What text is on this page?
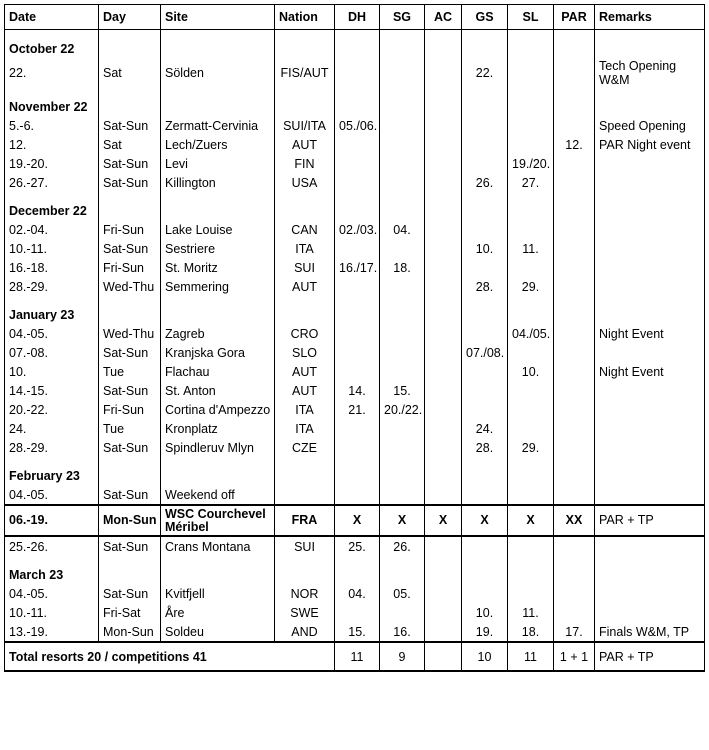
Date	Day	Site	Nation	DH	SG	AC	GS	SL	PAR	Remarks

October 22										
22.	Sat	Sölden	FIS/AUT				22.			Tech Opening W&M

November 22										
5.-6.	Sat-Sun	Zermatt-Cervinia	SUI/ITA	05./06.						Speed Opening
12.	Sat	Lech/Zuers	AUT						12.	PAR Night event
19.-20.	Sat-Sun	Levi	FIN					19./20.		
26.-27.	Sat-Sun	Killington	USA				26.	27.		

December 22										
02.-04.	Fri-Sun	Lake Louise	CAN	02./03.	04.					
10.-11.	Sat-Sun	Sestriere	ITA				10.	11.		
16.-18.	Fri-Sun	St. Moritz	SUI	16./17.	18.					
28.-29.	Wed-Thu	Semmering	AUT				28.	29.		

January 23										
04.-05.	Wed-Thu	Zagreb	CRO					04./05.		Night Event
07.-08.	Sat-Sun	Kranjska Gora	SLO				07./08.			
10.	Tue	Flachau	AUT					10.		Night Event
14.-15.	Sat-Sun	St. Anton	AUT	14.	15.					
20.-22.	Fri-Sun	Cortina d'Ampezzo	ITA	21.	20./22.					
24.	Tue	Kronplatz	ITA				24.			
28.-29.	Sat-Sun	Spindleruv Mlyn	CZE				28.	29.		

February 23										
04.-05.	Sat-Sun	Weekend off								
06.-19.	Mon-Sun	WSC Courchevel Méribel	FRA	X	X	X	X	X	XX	PAR + TP
25.-26.	Sat-Sun	Crans Montana	SUI	25.	26.					

March 23										
04.-05.	Sat-Sun	Kvitfjell	NOR	04.	05.					
10.-11.	Fri-Sat	Åre	SWE				10.	11.		
13.-19.	Mon-Sun	Soldeu	AND	15.	16.		19.	18.	17.	Finals W&M, TP
Total resorts 20 / competitions 41				11	9		10	11	1 + 1	PAR + TP
